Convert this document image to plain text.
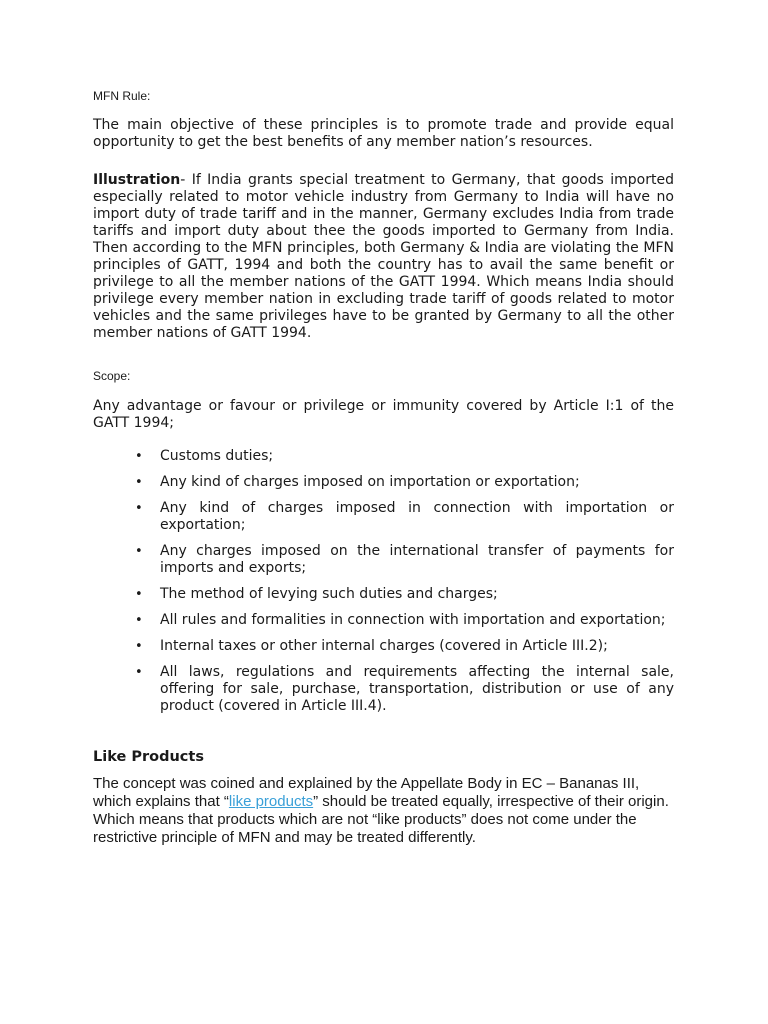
MFN Rule:

The main objective of these principles is to promote trade and provide equal opportunity to get the best benefits of any member nation’s resources.

Illustration- If India grants special treatment to Germany, that goods imported especially related to motor vehicle industry from Germany to India will have no import duty of trade tariff and in the manner, Germany excludes India from trade tariffs and import duty about thee the goods imported to Germany from India. Then according to the MFN principles, both Germany & India are violating the MFN principles of GATT, 1994 and both the country has to avail the same benefit or privilege to all the member nations of the GATT 1994. Which means India should privilege every member nation in excluding trade tariff of goods related to motor vehicles and the same privileges have to be granted by Germany to all the other member nations of GATT 1994.

Scope:

Any advantage or favour or privilege or immunity covered by Article I:1 of the GATT 1994;

• Customs duties;
• Any kind of charges imposed on importation or exportation;
• Any kind of charges imposed in connection with importation or exportation;
• Any charges imposed on the international transfer of payments for imports and exports;
• The method of levying such duties and charges;
• All rules and formalities in connection with importation and exportation;
• Internal taxes or other internal charges (covered in Article III.2);
• All laws, regulations and requirements affecting the internal sale, offering for sale, purchase, transportation, distribution or use of any product (covered in Article III.4).

Like Products

The concept was coined and explained by the Appellate Body in EC – Bananas III, which explains that “like products” should be treated equally, irrespective of their origin. Which means that products which are not “like products” does not come under the restrictive principle of MFN and may be treated differently.
